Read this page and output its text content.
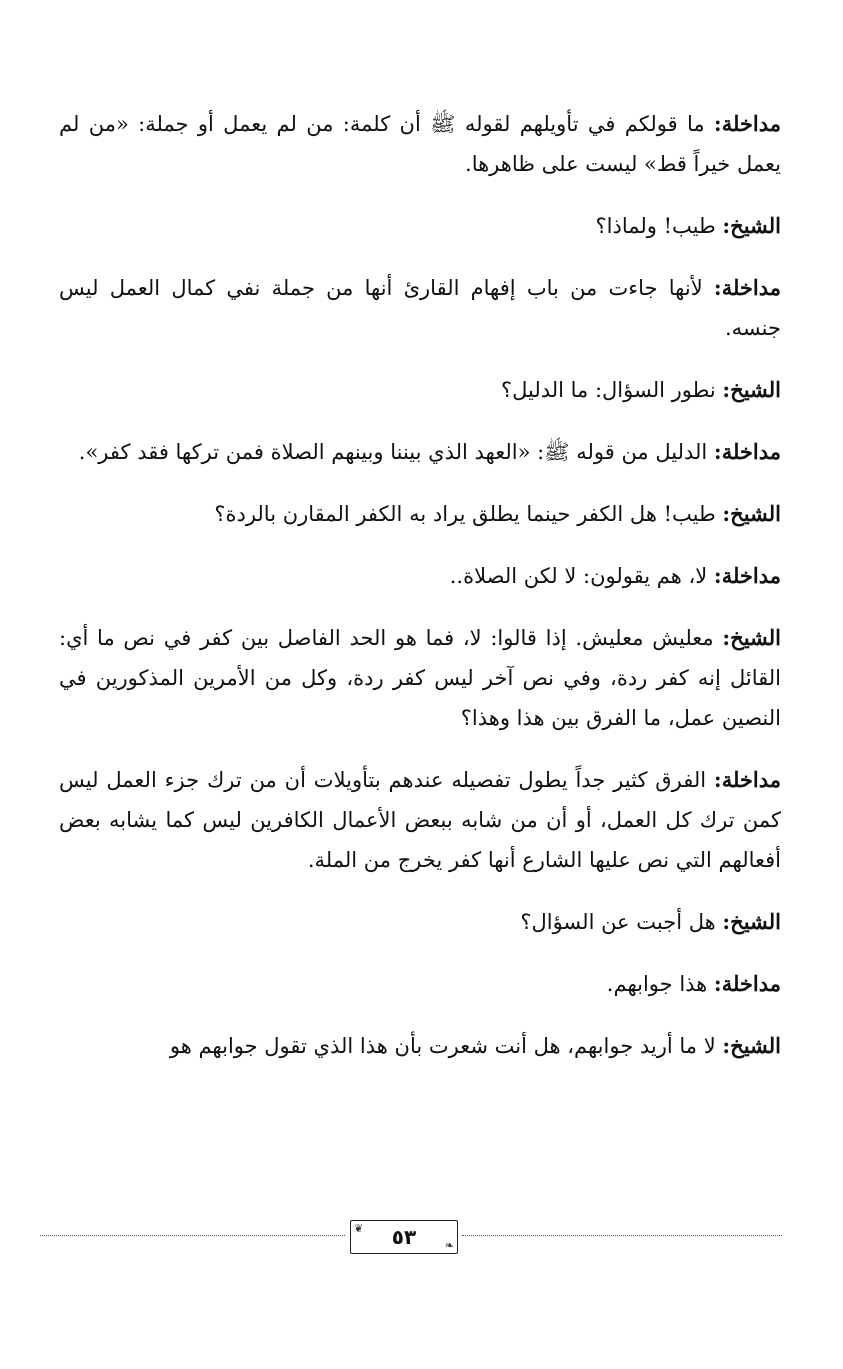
مداخلة : ما قولكم في تأويلهم لقوله ﷺ أن كلمة: من لم يعمل أو جملة: «من لم يعمل خيراً قط» ليست على ظاهرها.

الشيخ : طيب! ولماذا؟

مداخلة : لأنها جاءت من باب إفهام القارئ أنها من جملة نفي كمال العمل ليس جنسه.

الشيخ : نطور السؤال: ما الدليل؟

مداخلة : الدليل من قوله ﷺ: «العهد الذي بيننا وبينهم الصلاة فمن تركها فقد كفر».

الشيخ : طيب! هل الكفر حينما يطلق يراد به الكفر المقارن بالردة؟

مداخلة : لا، هم يقولون: لا لكن الصلاة..

الشيخ : معليش معليش. إذا قالوا: لا، فما هو الحد الفاصل بين كفر في نص ما أي: القائل إنه كفر ردة، وفي نص آخر ليس كفر ردة، وكل من الأمرين المذكورين في النصين عمل، ما الفرق بين هذا وهذا؟

مداخلة : الفرق كثير جداً يطول تفصيله عندهم بتأويلات أن من ترك جزء العمل ليس كمن ترك كل العمل، أو أن من شابه ببعض الأعمال الكافرين ليس كما يشابه بعض أفعالهم التي نص عليها الشارع أنها كفر يخرج من الملة.

الشيخ : هل أجبت عن السؤال؟

مداخلة : هذا جوابهم.

الشيخ : لا ما أريد جوابهم، هل أنت شعرت بأن هذا الذي تقول جوابهم هو

❦ ٥٣	❧
